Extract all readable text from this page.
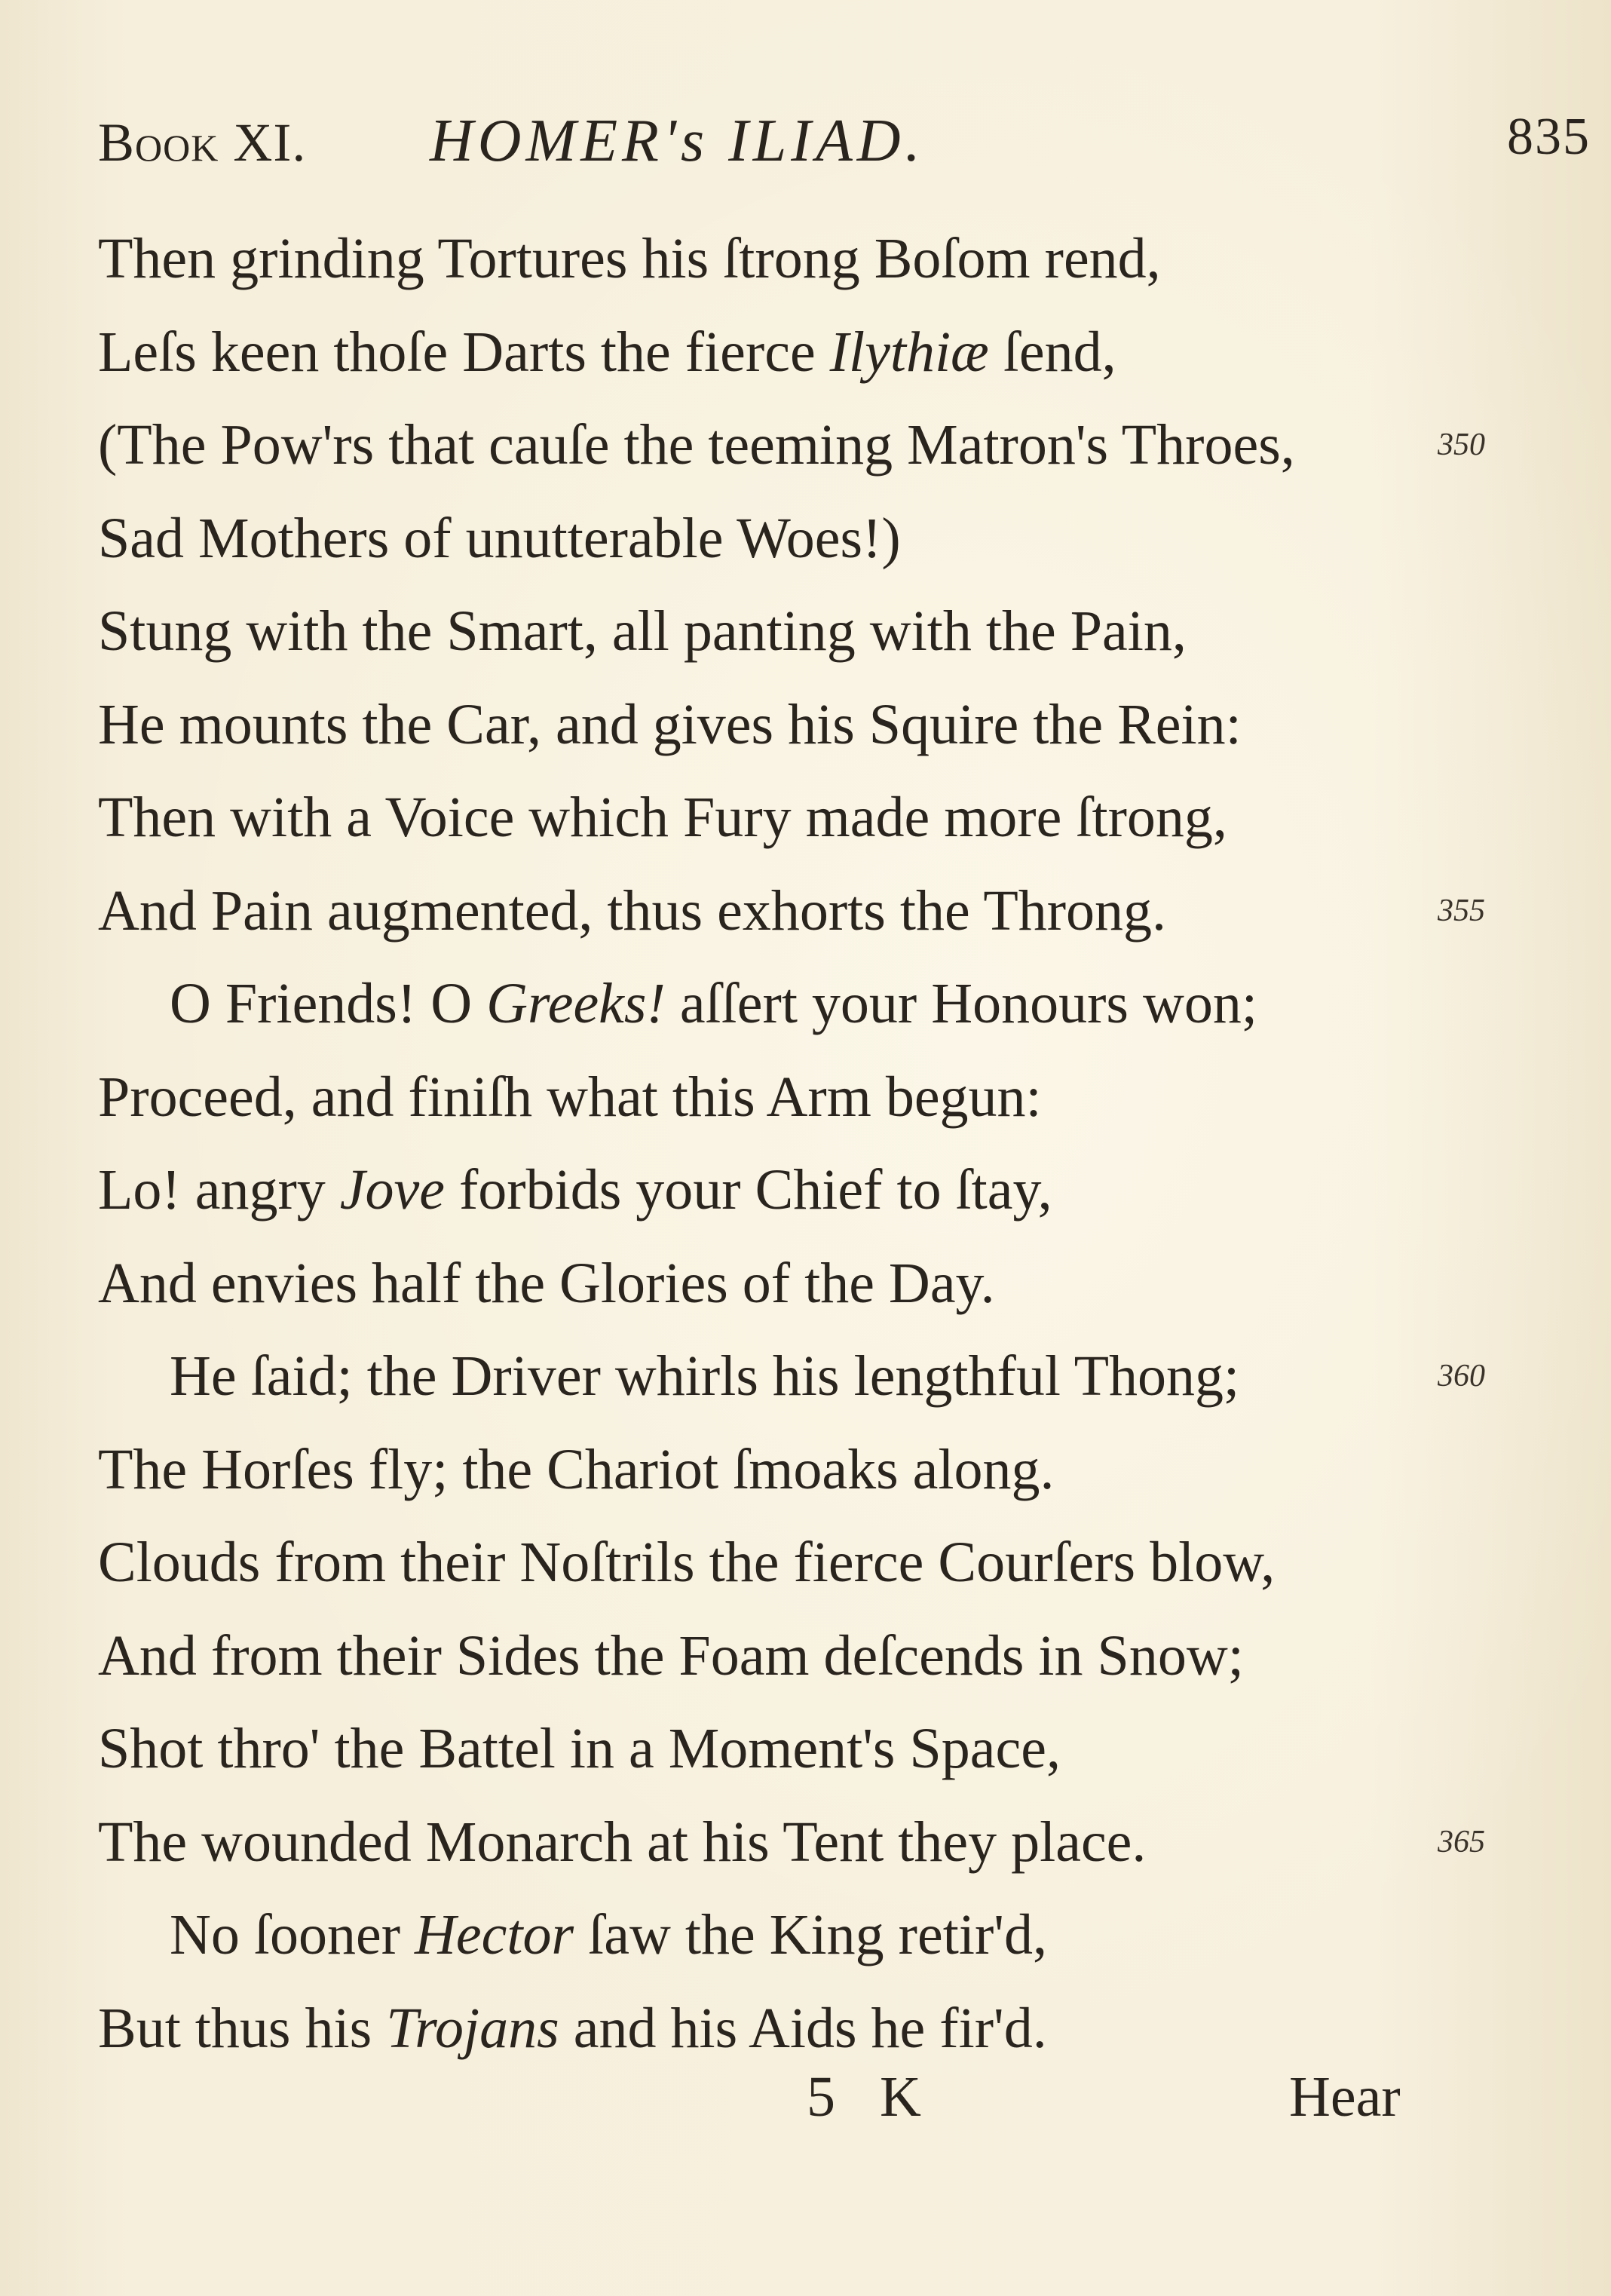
Book XI. HOMER's ILIAD.	835
Then grinding Tortures his ſtrong Boſom rend,
Leſs keen thoſe Darts the fierce Ilythiæ ſend,
(The Pow'rs that cauſe the teeming Matron's Throes,	350
Sad Mothers of unutterable Woes!)
Stung with the Smart, all panting with the Pain,
He mounts the Car, and gives his Squire the Rein:
Then with a Voice which Fury made more ſtrong,
And Pain augmented, thus exhorts the Throng.	355
O Friends! O Greeks! aſſert your Honours won;
Proceed, and finiſh what this Arm begun:
Lo! angry Jove forbids your Chief to ſtay,
And envies half the Glories of the Day.
He ſaid; the Driver whirls his lengthful Thong;	360
The Horſes fly; the Chariot ſmoaks along.
Clouds from their Noſtrils the fierce Courſers blow,
And from their Sides the Foam deſcends in Snow;
Shot thro' the Battel in a Moment's Space,
The wounded Monarch at his Tent they place.	365
No ſooner Hector ſaw the King retir'd,
But thus his Trojans and his Aids he fir'd.
5 K	Hear
